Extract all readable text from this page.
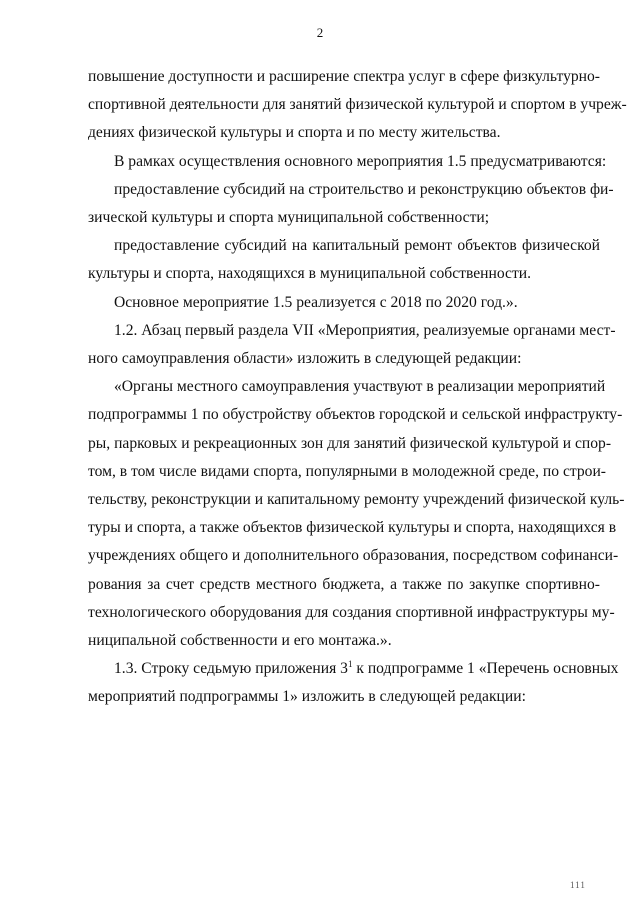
2
повышение доступности и расширение спектра услуг в сфере физкультурно-
спортивной деятельности для занятий физической культурой и спортом в учреж-
дениях физической культуры и спорта и по месту жительства.
В рамках осуществления основного мероприятия 1.5 предусматриваются:
предоставление субсидий на строительство и реконструкцию объектов фи-
зической культуры и спорта муниципальной собственности;
предоставление субсидий на капитальный ремонт объектов физической
культуры и спорта, находящихся в муниципальной собственности.
Основное мероприятие 1.5 реализуется с 2018 по 2020 год.».
1.2. Абзац первый раздела VII «Мероприятия, реализуемые органами мест-
ного самоуправления области» изложить в следующей редакции:
«Органы местного самоуправления участвуют в реализации мероприятий
подпрограммы 1 по обустройству объектов городской и сельской инфраструкту-
ры, парковых и рекреационных зон для занятий физической культурой и спор-
том, в том числе видами спорта, популярными в молодежной среде, по строи-
тельству, реконструкции и капитальному ремонту учреждений физической куль-
туры и спорта, а также объектов физической культуры и спорта, находящихся в
учреждениях общего и дополнительного образования, посредством софинанси-
рования за счет средств местного бюджета, а также по закупке спортивно-
технологического оборудования для создания спортивной инфраструктуры му-
ниципальной собственности и его монтажа.».
1.3. Строку седьмую приложения $3^1$ к подпрограмме 1 «Перечень основных
мероприятий подпрограммы 1» изложить в следующей редакции:
111
